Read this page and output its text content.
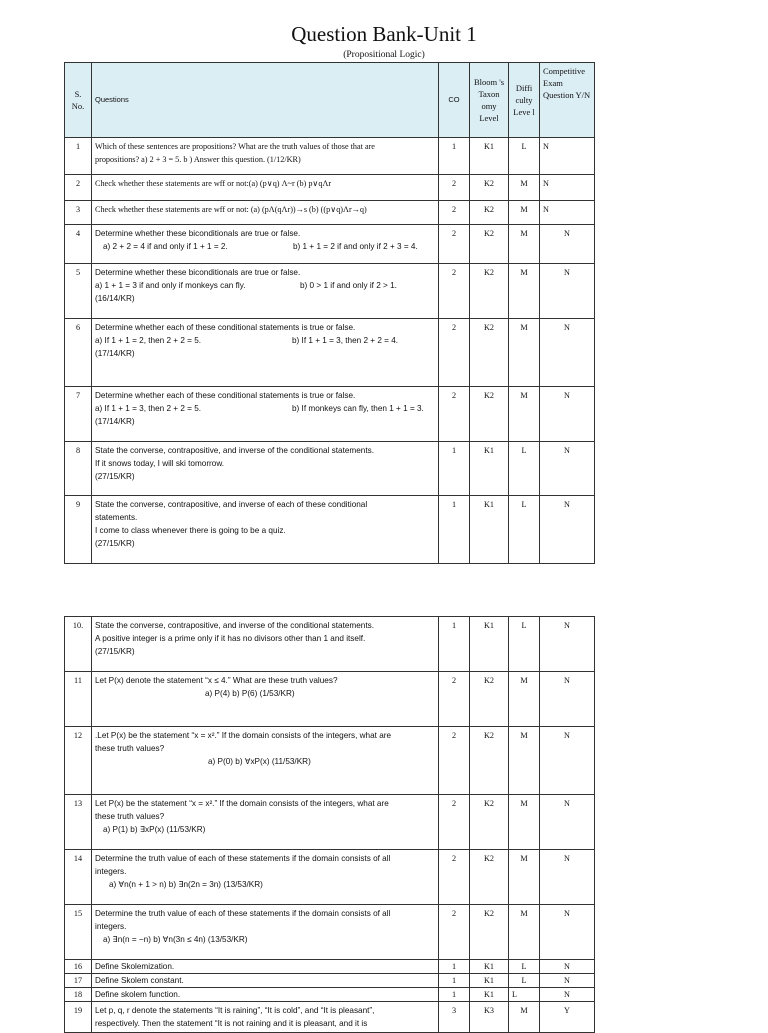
Question Bank-Unit 1
(Propositional Logic)
S. No.	Questions	CO	Bloom 's Taxon omy Level	Diffi culty Leve l	Competitive Exam Question Y/N
1	Which of these sentences are propositions? What are the truth values of those that are
propositions? a) 2 + 3 = 5. b ) Answer this question. (1/12/KR)	1	K1	L	N
2	Check whether these statements are wff or not:(a) (p∨q) Λ~r (b) p∨qΛr	2	K2	M	N
3	Check whether these statements are wff or not: (a) (pΛ(qΛr))→s (b) ((p∨q)Λr→q)	2	K2	M	N
4	Determine whether these biconditionals are true or false.
a) 2 + 2 = 4 if and only if 1 + 1 = 2. b) 1 + 1 = 2 if and only if 2 + 3 = 4.	2	K2	M	N
5	Determine whether these biconditionals are true or false.
a) 1 + 1 = 3 if and only if monkeys can fly. b) 0 > 1 if and only if 2 > 1.
(16/14/KR)	2	K2	M	N
6	Determine whether each of these conditional statements is true or false.
a) If 1 + 1 = 2, then 2 + 2 = 5. b) If 1 + 1 = 3, then 2 + 2 = 4.
(17/14/KR)	2	K2	M	N
7	Determine whether each of these conditional statements is true or false.
a) If 1 + 1 = 3, then 2 + 2 = 5. b) If monkeys can fly, then 1 + 1 = 3.
(17/14/KR)	2	K2	M	N
8	State the converse, contrapositive, and inverse of the conditional statements.
If it snows today, I will ski tomorrow.
(27/15/KR)	1	K1	L	N
9	State the converse, contrapositive, and inverse of each of these conditional
statements.
I come to class whenever there is going to be a quiz.
(27/15/KR)	1	K1	L	N
10.	State the converse, contrapositive, and inverse of the conditional statements.
A positive integer is a prime only if it has no divisors other than 1 and itself.
(27/15/KR)	1	K1	L	N
11	Let P(x) denote the statement “x ≤ 4.” What are these truth values?
a) P(4) b) P(6) (1/53/KR)	2	K2	M	N
12	.Let P(x) be the statement “x = x².” If the domain consists of the integers, what are
these truth values?
a) P(0) b) ∀xP(x) (11/53/KR)	2	K2	M	N
13	Let P(x) be the statement “x = x².” If the domain consists of the integers, what are
these truth values?
a) P(1) b) ∃xP(x) (11/53/KR)	2	K2	M	N
14	Determine the truth value of each of these statements if the domain consists of all
integers.
a) ∀n(n + 1 > n) b) ∃n(2n = 3n) (13/53/KR)	2	K2	M	N
15	Determine the truth value of each of these statements if the domain consists of all
integers.
a) ∃n(n = −n) b) ∀n(3n ≤ 4n) (13/53/KR)	2	K2	M	N
16	Define Skolemization.	1	K1	L	N
17	Define Skolem constant.	1	K1	L	N
18	Define skolem function.	1	K1	L	N
19	Let p, q, r denote the statements “It is raining”, “It is cold”, and “It is pleasant”,
respectively. Then the statement “It is not raining and it is pleasant, and it is	3	K3	M	Y
